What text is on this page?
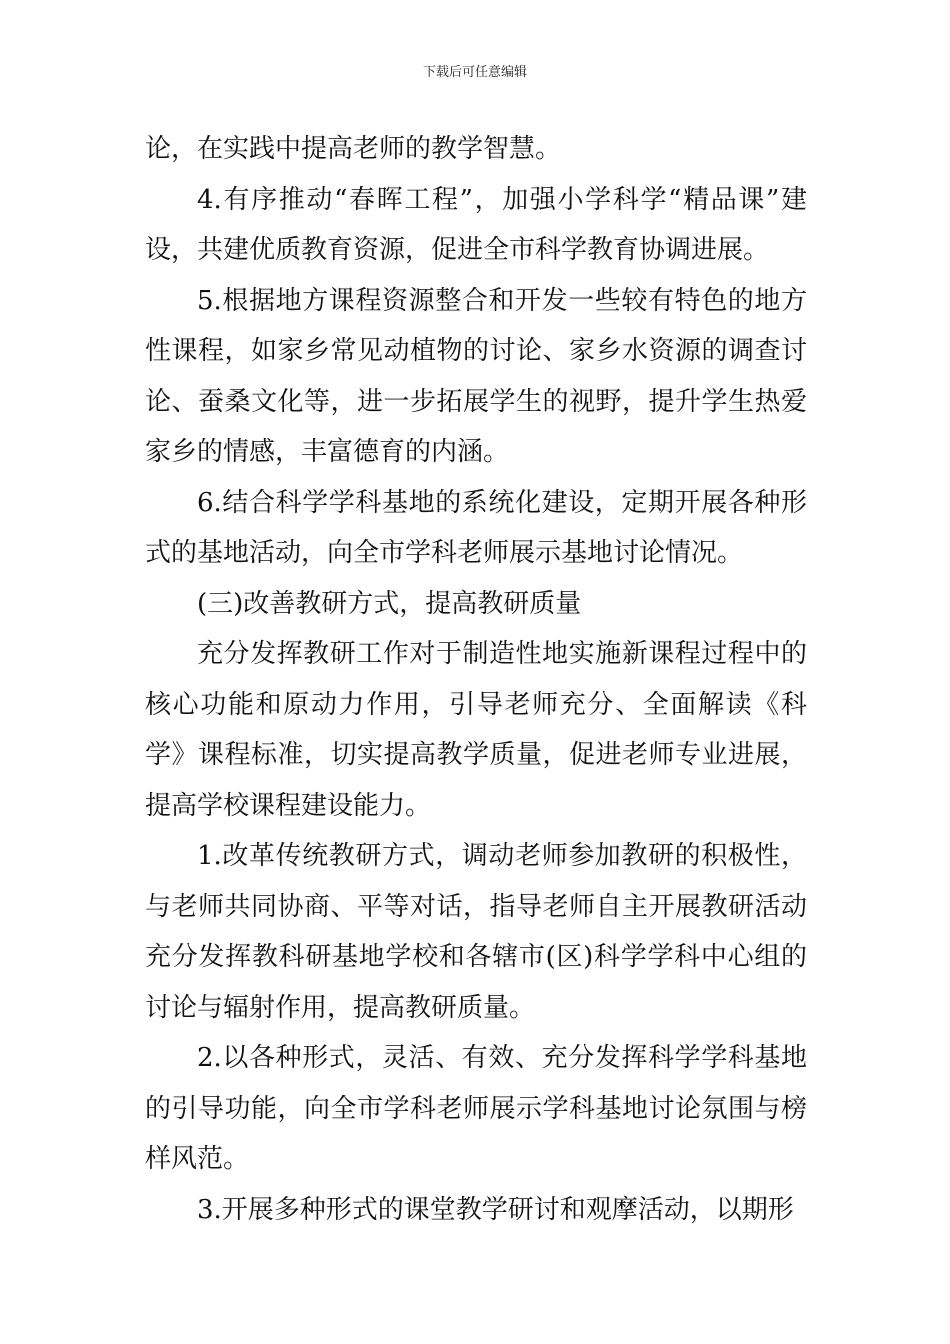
下载后可任意编辑

论，在实践中提高老师的教学智慧。

4.有序推动“春晖工程”，加强小学科学“精品课”建设，共建优质教育资源，促进全市科学教育协调进展。

5.根据地方课程资源整合和开发一些较有特色的地方性课程，如家乡常见动植物的讨论、家乡水资源的调查讨论、蚕桑文化等，进一步拓展学生的视野，提升学生热爱家乡的情感，丰富德育的内涵。

6.结合科学学科基地的系统化建设，定期开展各种形式的基地活动，向全市学科老师展示基地讨论情况。

(三)改善教研方式，提高教研质量

充分发挥教研工作对于制造性地实施新课程过程中的核心功能和原动力作用，引导老师充分、全面解读《科学》课程标准，切实提高教学质量，促进老师专业进展，提高学校课程建设能力。

1.改革传统教研方式，调动老师参加教研的积极性，与老师共同协商、平等对话，指导老师自主开展教研活动充分发挥教科研基地学校和各辖市(区)科学学科中心组的讨论与辐射作用，提高教研质量。

2.以各种形式，灵活、有效、充分发挥科学学科基地的引导功能，向全市学科老师展示学科基地讨论氛围与榜样风范。

3.开展多种形式的课堂教学研讨和观摩活动，以期形
